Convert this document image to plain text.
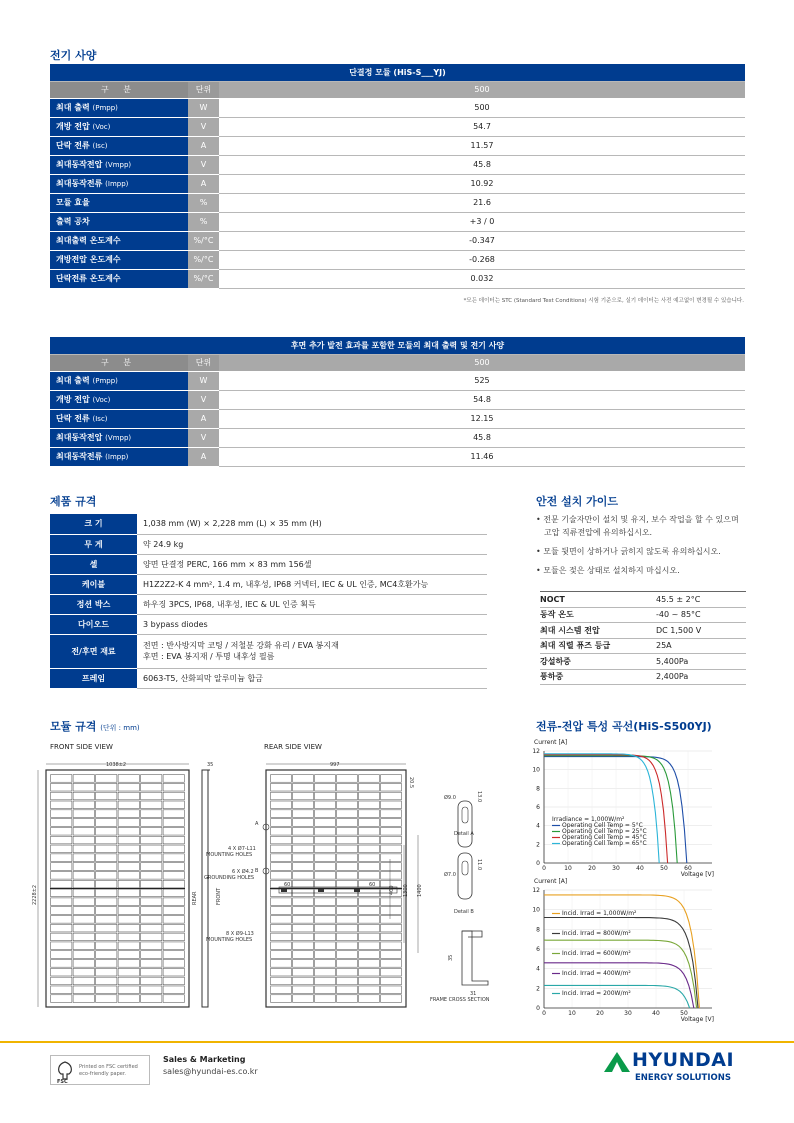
전기 사양
단결정 모듈 (HiS-S___YJ)		
구 분	단위	500
최대 출력 (Pmpp)	W	500
개방 전압 (Voc)	V	54.7
단락 전류 (Isc)	A	11.57
최대동작전압 (Vmpp)	V	45.8
최대동작전류 (Impp)	A	10.92
모듈 효율	%	21.6
출력 공차	%	+3 / 0
최대출력 온도계수	%/°C	-0.347
개방전압 온도계수	%/°C	-0.268
단락전류 온도계수	%/°C	0.032
*모든 데이터는 STC (Standard Test Conditions) 시험 기준으로, 실기 데이터는 사전 예고없이 변경될 수 있습니다.
후면 추가 발전 효과를 포함한 모듈의 최대 출력 및 전기 사양		
구 분	단위	500
최대 출력 (Pmpp)	W	525
개방 전압 (Voc)	V	54.8
단락 전류 (Isc)	A	12.15
최대동작전압 (Vmpp)	V	45.8
최대동작전류 (Impp)	A	11.46
제품 규격
크 기	1,038 mm (W) × 2,228 mm (L) × 35 mm (H)

무 게	약 24.9 kg

셀	양면 단결정 PERC, 166 mm × 83 mm 156셀

케이블	H1Z2Z2-K 4 mm², 1.4 m, 내후성, IP68 커넥터, IEC & UL 인증, MC4호환가능

정션 박스	하우징 3PCS, IP68, 내후성, IEC & UL 인증 획득

다이오드	3 bypass diodes

전/후면 재료	전면 : 반사방지막 코팅 / 저철분 강화 유리 / EVA 봉지재
후면 : EVA 봉지재 / 투명 내후성 필름

프레임	6063-T5, 산화피막 알루미늄 합금
안전 설치 가이드
• 전문 기술자만이 설치 및 유지, 보수 작업을 할 수 있으며 고압 직류전압에 유의하십시오.
• 모듈 뒷면이 상하거나 긁히지 않도록 유의하십시오.
• 모듈은 젖은 상태로 설치하지 마십시오.
NOCT	45.5 ± 2°C
동작 온도	-40 ~ 85°C
최대 시스템 전압	DC 1,500 V
최대 직렬 퓨즈 등급	25A
강설하중	5,400Pa
풍하중	2,400Pa
모듈 규격 (단위 : mm)
FRONT SIDE VIEW	REAR SIDE VIEW
1038±2
2228±2
35
REAR	FRONT
997
20.5
400 1300 1400
60	60
A
B
4 X Ø7-L11
MOUNTING HOLES
6 X Ø4.2
GROUNDING HOLES
8 X Ø9-L13
MOUNTING HOLES
Ø9.0	13.0
Detail A
Ø7.0
11.0
Detail B
35
31
FRAME CROSS SECTION
전류-전압 특성 곡선(HiS-S500YJ)
Current [A]
0
2
4
6
8
10
12
0	10	20	30	40	50	60
Voltage [V]
Irradiance = 1,000W/m²
Operating Cell Temp = 5°C
Operating Cell Temp = 25°C
Operating Cell Temp = 45°C
Operating Cell Temp = 65°C
Current [A]
0
2
4
6
8
10
12
0	10	20	30	40	50
Voltage [V]
Incid. Irrad = 1,000W/m²
Incid. Irrad = 800W/m²
Incid. Irrad = 600W/m²
Incid. Irrad = 400W/m²
Incid. Irrad = 200W/m²
FSC
Printed on FSC certified
eco-friendly paper.
Sales & Marketing
sales@hyundai-es.co.kr
HYUNDAI
ENERGY SOLUTIONS
